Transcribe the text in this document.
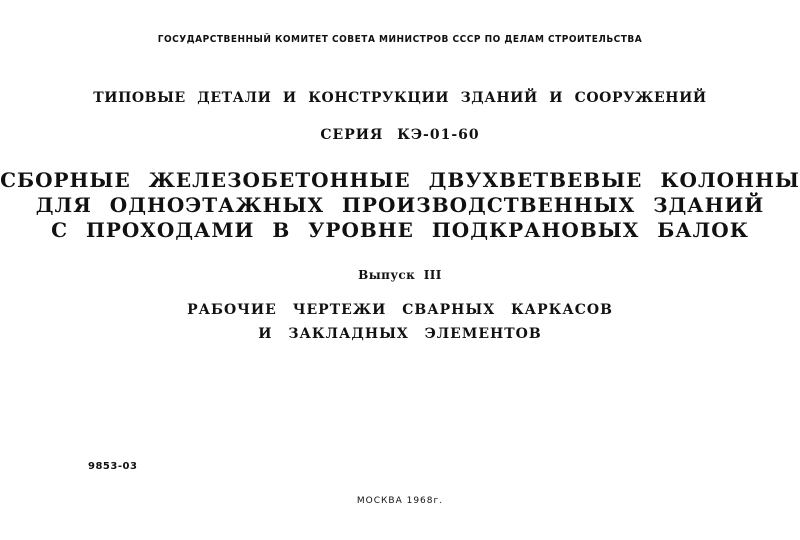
ГОСУДАРСТВЕННЫЙ КОМИТЕТ СОВЕТА МИНИСТРОВ СССР ПО ДЕЛАМ СТРОИТЕЛЬСТВА
ТИПОВЫЕ ДЕТАЛИ И КОНСТРУКЦИИ ЗДАНИЙ И СООРУЖЕНИЙ
СЕРИЯ КЭ-01-60
СБОРНЫЕ ЖЕЛЕЗОБЕТОННЫЕ ДВУХВЕТВЕВЫЕ КОЛОННЫ
ДЛЯ ОДНОЭТАЖНЫХ ПРОИЗВОДСТВЕННЫХ ЗДАНИЙ
С ПРОХОДАМИ В УРОВНЕ ПОДКРАНОВЫХ БАЛОК
Выпуск III
РАБОЧИЕ ЧЕРТЕЖИ СВАРНЫХ КАРКАСОВ
И ЗАКЛАДНЫХ ЭЛЕМЕНТОВ
9853-03
МОСКВА 1968г.
